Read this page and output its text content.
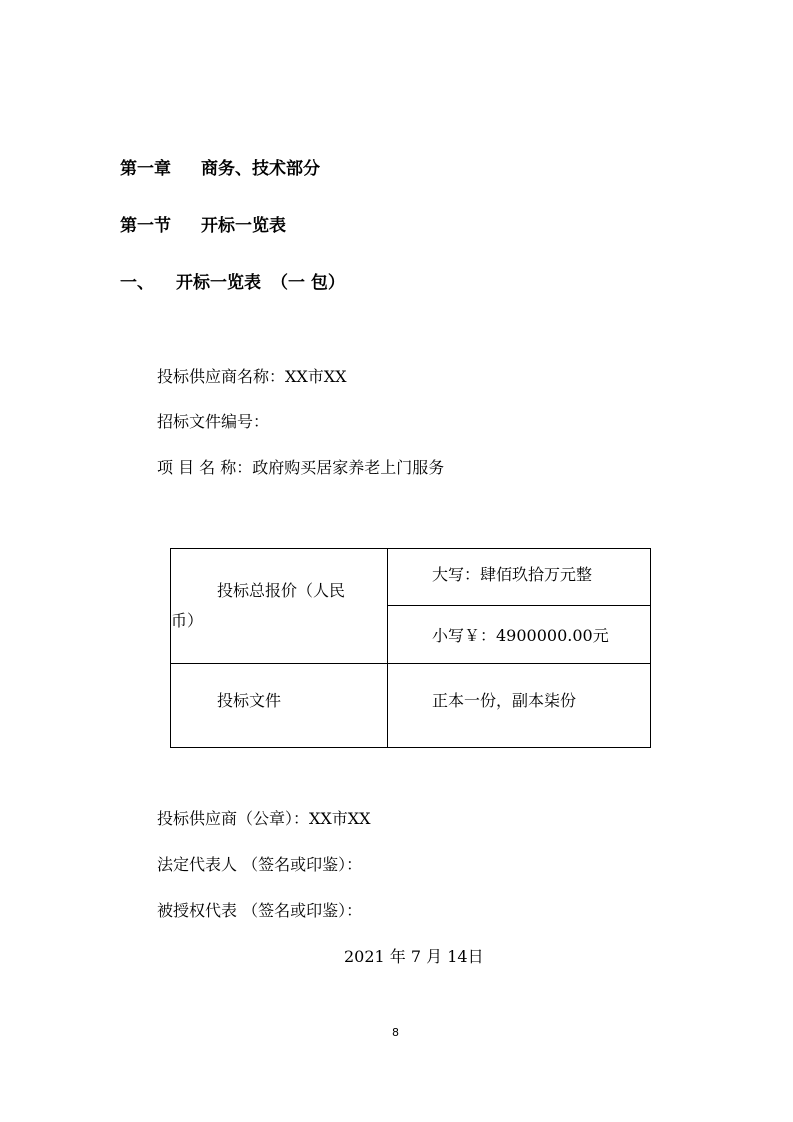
第一章 商务、技术部分
第一节 开标一览表
一、 开标一览表 （一 包）
投标供应商名称：XX市XX
招标文件编号：
项 目 名 称：政府购买居家养老上门服务
投标总报价（人民
币）	大写：肆佰玖拾万元整

	小写￥：4900000.00元

投标文件	正本一份，副本柒份
投标供应商（公章）：XX市XX
法定代表人 （签名或印鉴）：
被授权代表 （签名或印鉴）：
2021 年 7 月 14日
8
